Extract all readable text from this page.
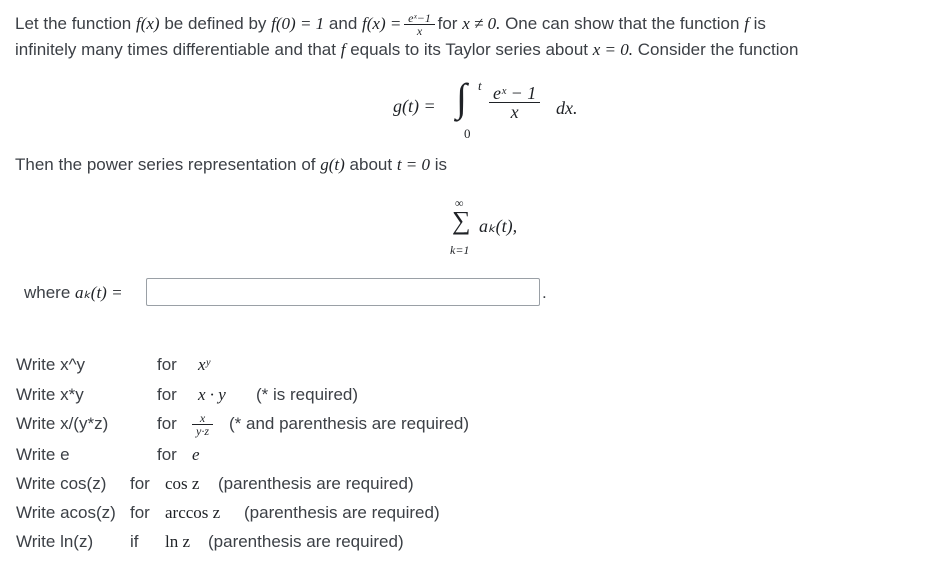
Let the function f(x) be defined by f(0) = 1 and $f(x) = \frac{\text{eˣ−1}}{x}$ for x ≠ 0. One can show that the function f is
infinitely many times differentiable and that f equals to its Taylor series about x = 0. Consider the function
g(t) = ∫ t
0
$\frac{\text{eˣ − 1}}{x}$ dx.
Then the power series representation of g(t) about t = 0 is
∞
∑
k=1
aₖ(t),
where aₖ(t) =	.
Write x^y	for xʸ
Write x*y	for x · y (* is required)
Write x/(y*z)	for $\frac{x}{y\cdot z}$ (* and parenthesis are required)
Write e	for e
Write cos(z) for cos z (parenthesis are required)
Write acos(z) for arccos z (parenthesis are required)
Write ln(z) if ln z (parenthesis are required)
